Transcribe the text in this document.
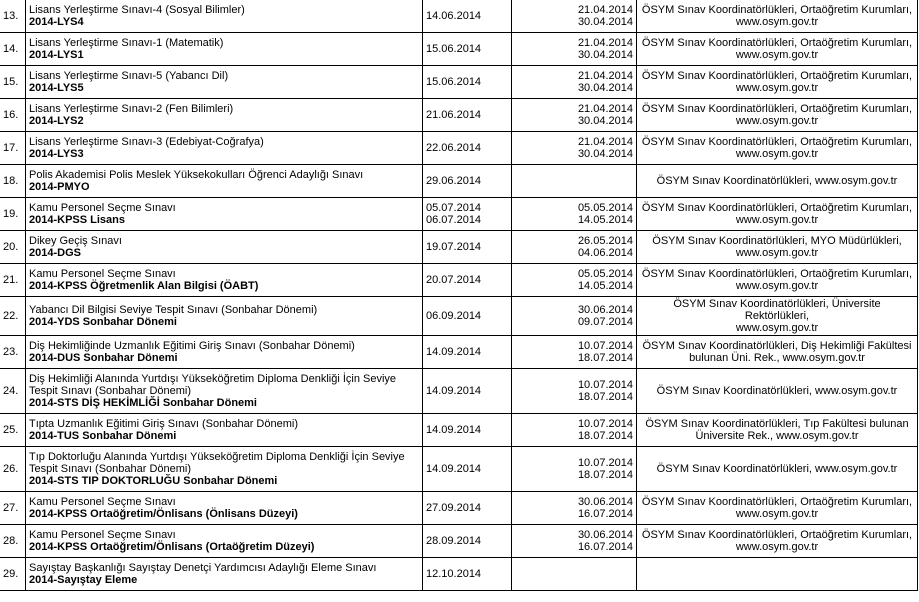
13.	Lisans Yerleştirme Sınavı-4 (Sosyal Bilimler)
2014-LYS4	14.06.2014	21.04.2014
30.04.2014	ÖSYM Sınav Koordinatörlükleri, Ortaöğretim Kurumları,
www.osym.gov.tr

14.	Lisans Yerleştirme Sınavı-1 (Matematik)
2014-LYS1	15.06.2014	21.04.2014
30.04.2014	ÖSYM Sınav Koordinatörlükleri, Ortaöğretim Kurumları,
www.osym.gov.tr

15.	Lisans Yerleştirme Sınavı-5 (Yabancı Dil)
2014-LYS5	15.06.2014	21.04.2014
30.04.2014	ÖSYM Sınav Koordinatörlükleri, Ortaöğretim Kurumları,
www.osym.gov.tr

16.	Lisans Yerleştirme Sınavı-2 (Fen Bilimleri)
2014-LYS2	21.06.2014	21.04.2014
30.04.2014	ÖSYM Sınav Koordinatörlükleri, Ortaöğretim Kurumları,
www.osym.gov.tr

17.	Lisans Yerleştirme Sınavı-3 (Edebiyat-Coğrafya)
2014-LYS3	22.06.2014	21.04.2014
30.04.2014	ÖSYM Sınav Koordinatörlükleri, Ortaöğretim Kurumları,
www.osym.gov.tr

18.	Polis Akademisi Polis Meslek Yüksekokulları Öğrenci Adaylığı Sınavı
2014-PMYO	29.06.2014		ÖSYM Sınav Koordinatörlükleri, www.osym.gov.tr

19.	Kamu Personel Seçme Sınavı
2014-KPSS Lisans	05.07.2014
06.07.2014	05.05.2014
14.05.2014	ÖSYM Sınav Koordinatörlükleri, Ortaöğretim Kurumları,
www.osym.gov.tr

20.	Dikey Geçiş Sınavı
2014-DGS	19.07.2014	26.05.2014
04.06.2014	ÖSYM Sınav Koordinatörlükleri, MYO Müdürlükleri,
www.osym.gov.tr

21.	Kamu Personel Seçme Sınavı
2014-KPSS Öğretmenlik Alan Bilgisi (ÖABT)	20.07.2014	05.05.2014
14.05.2014	ÖSYM Sınav Koordinatörlükleri, Ortaöğretim Kurumları,
www.osym.gov.tr

22.	Yabancı Dil Bilgisi Seviye Tespit Sınavı (Sonbahar Dönemi)
2014-YDS Sonbahar Dönemi	06.09.2014	30.06.2014
09.07.2014	ÖSYM Sınav Koordinatörlükleri, Üniversite Rektörlükleri,
www.osym.gov.tr

23.	Diş Hekimliğinde Uzmanlık Eğitimi Giriş Sınavı (Sonbahar Dönemi)
2014-DUS Sonbahar Dönemi	14.09.2014	10.07.2014
18.07.2014	ÖSYM Sınav Koordinatörlükleri, Diş Hekimliği Fakültesi
bulunan Üni. Rek., www.osym.gov.tr

24.	Diş Hekimliği Alanında Yurtdışı Yükseköğretim Diploma Denkliği İçin Seviye Tespit Sınavı (Sonbahar Dönemi)
2014-STS DİŞ HEKİMLİĞİ Sonbahar Dönemi	14.09.2014	10.07.2014
18.07.2014	ÖSYM Sınav Koordinatörlükleri, www.osym.gov.tr

25.	Tıpta Uzmanlık Eğitimi Giriş Sınavı (Sonbahar Dönemi)
2014-TUS Sonbahar Dönemi	14.09.2014	10.07.2014
18.07.2014	ÖSYM Sınav Koordinatörlükleri, Tıp Fakültesi bulunan
Üniversite Rek., www.osym.gov.tr

26.	Tıp Doktorluğu Alanında Yurtdışı Yükseköğretim Diploma Denkliği İçin Seviye Tespit Sınavı (Sonbahar Dönemi)
2014-STS TIP DOKTORLUĞU Sonbahar Dönemi	14.09.2014	10.07.2014
18.07.2014	ÖSYM Sınav Koordinatörlükleri, www.osym.gov.tr

27.	Kamu Personel Seçme Sınavı
2014-KPSS Ortaöğretim/Önlisans (Önlisans Düzeyi)	27.09.2014	30.06.2014
16.07.2014	ÖSYM Sınav Koordinatörlükleri, Ortaöğretim Kurumları,
www.osym.gov.tr

28.	Kamu Personel Seçme Sınavı
2014-KPSS Ortaöğretim/Önlisans (Ortaöğretim Düzeyi)	28.09.2014	30.06.2014
16.07.2014	ÖSYM Sınav Koordinatörlükleri, Ortaöğretim Kurumları,
www.osym.gov.tr

29.	Sayıştay Başkanlığı Sayıştay Denetçi Yardımcısı Adaylığı Eleme Sınavı
2014-Sayıştay Eleme	12.10.2014		
